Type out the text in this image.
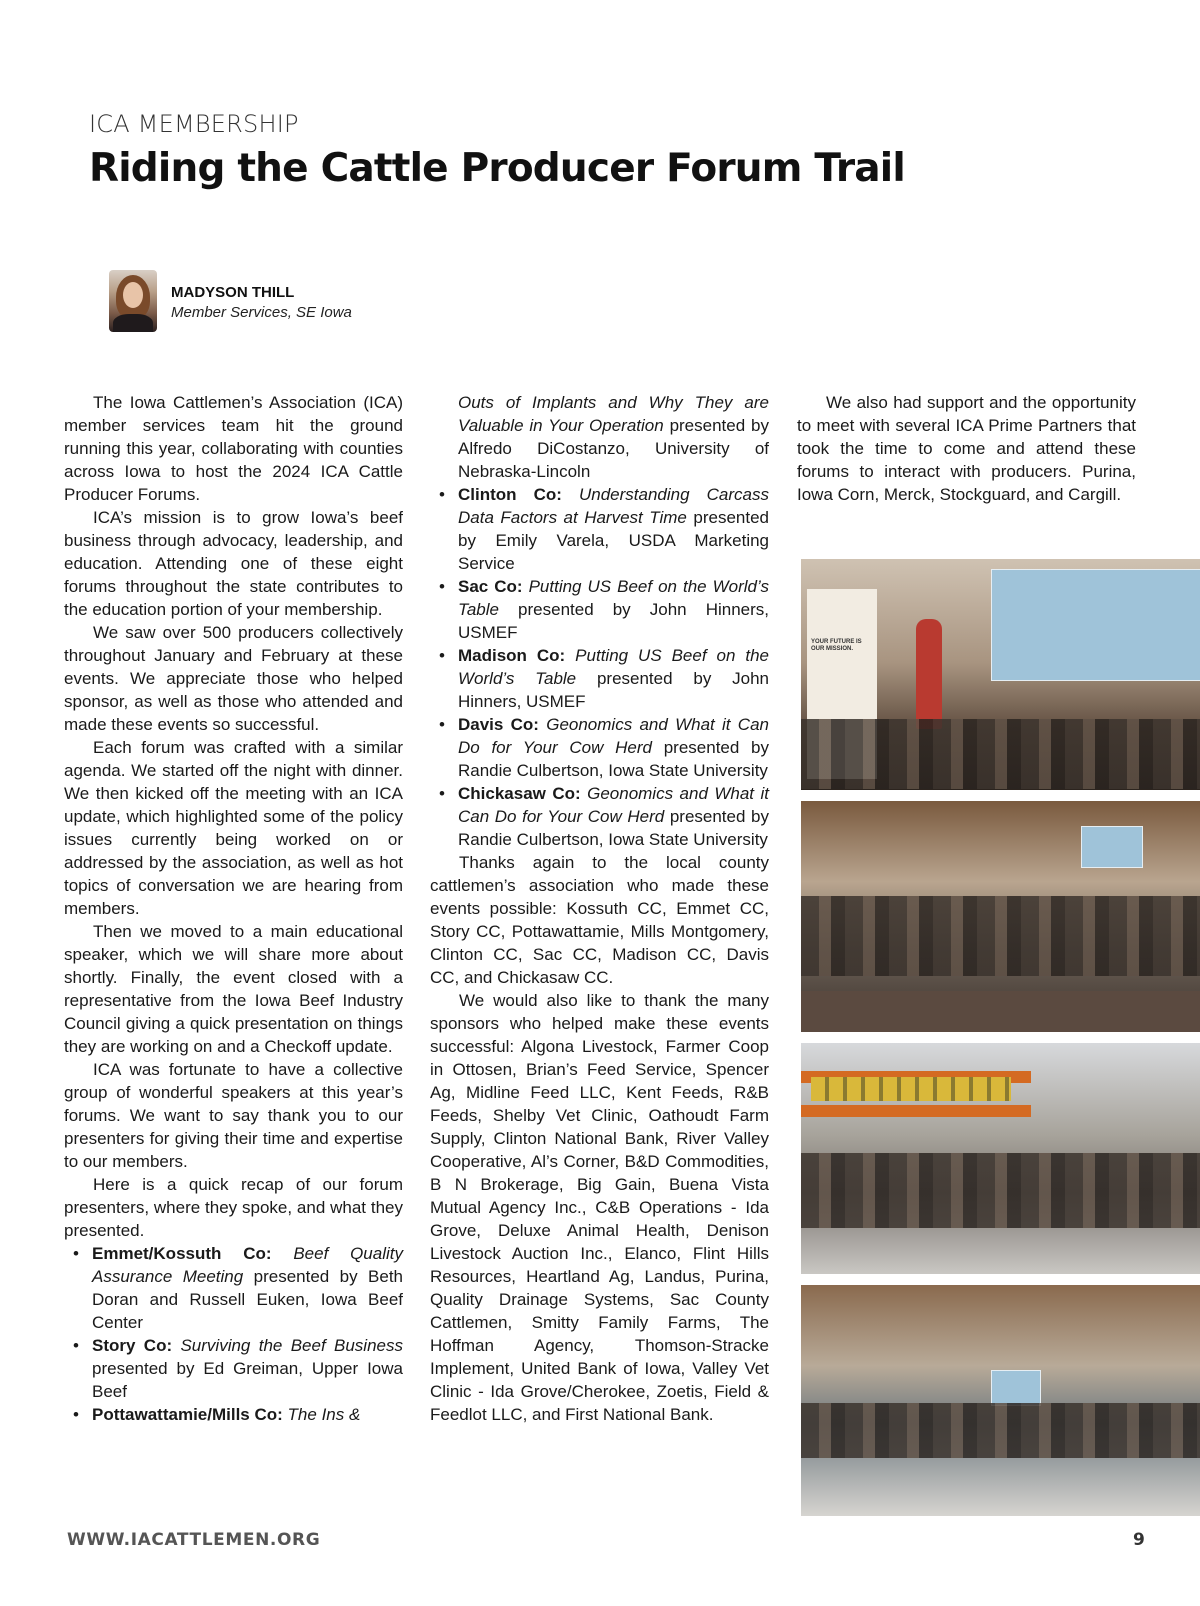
ICA MEMBERSHIP
Riding the Cattle Producer Forum Trail
MADYSON THILL
Member Services, SE Iowa

The Iowa Cattlemen’s Association (ICA) member services team hit the ground running this year, collaborating with counties across Iowa to host the 2024 ICA Cattle Producer Forums.

ICA’s mission is to grow Iowa’s beef business through advocacy, leadership, and education. Attending one of these eight forums throughout the state contributes to the education portion of your membership.

We saw over 500 producers collectively throughout January and February at these events. We appreciate those who helped sponsor, as well as those who attended and made these events so successful.

Each forum was crafted with a similar agenda. We started off the night with dinner. We then kicked off the meeting with an ICA update, which highlighted some of the policy issues currently being worked on or addressed by the association, as well as hot topics of conversation we are hearing from members.

Then we moved to a main educational speaker, which we will share more about shortly. Finally, the event closed with a representative from the Iowa Beef Industry Council giving a quick presentation on things they are working on and a Checkoff update.

ICA was fortunate to have a collective group of wonderful speakers at this year’s forums. We want to say thank you to our presenters for giving their time and expertise to our members.

Here is a quick recap of our forum presenters, where they spoke, and what they presented.

• Emmet/Kossuth Co: Beef Quality Assurance Meeting presented by Beth Doran and Russell Euken, Iowa Beef Center
• Story Co: Surviving the Beef Business presented by Ed Greiman, Upper Iowa Beef
• Pottawattamie/Mills Co: The Ins &
Outs of Implants and Why They are Valuable in Your Operation presented by Alfredo DiCostanzo, University of Nebraska-Lincoln
• Clinton Co: Understanding Carcass Data Factors at Harvest Time presented by Emily Varela, USDA Marketing Service
• Sac Co: Putting US Beef on the World’s Table presented by John Hinners, USMEF
• Madison Co: Putting US Beef on the World’s Table presented by John Hinners, USMEF
• Davis Co: Geonomics and What it Can Do for Your Cow Herd presented by Randie Culbertson, Iowa State University
• Chickasaw Co: Geonomics and What it Can Do for Your Cow Herd presented by Randie Culbertson, Iowa State University

Thanks again to the local county cattlemen’s association who made these events possible: Kossuth CC, Emmet CC, Story CC, Pottawattamie, Mills Montgomery, Clinton CC, Sac CC, Madison CC, Davis CC, and Chickasaw CC.

We would also like to thank the many sponsors who helped make these events successful: Algona Livestock, Farmer Coop in Ottosen, Brian’s Feed Service, Spencer Ag, Midline Feed LLC, Kent Feeds, R&B Feeds, Shelby Vet Clinic, Oathoudt Farm Supply, Clinton National Bank, River Valley Cooperative, Al’s Corner, B&D Commodities, B N Brokerage, Big Gain, Buena Vista Mutual Agency Inc., C&B Operations - Ida Grove, Deluxe Animal Health, Denison Livestock Auction Inc., Elanco, Flint Hills Resources, Heartland Ag, Landus, Purina, Quality Drainage Systems, Sac County Cattlemen, Smitty Family Farms, The Hoffman Agency, Thomson-Stracke Implement, United Bank of Iowa, Valley Vet Clinic - Ida Grove/Cherokee, Zoetis, Field & Feedlot LLC, and First National Bank.

We also had support and the opportunity to meet with several ICA Prime Partners that took the time to come and attend these forums to interact with producers. Purina, Iowa Corn, Merck, Stockguard, and Cargill.

YOUR FUTURE IS OUR MISSION.
WWW.IACATTLEMEN.ORG	9
